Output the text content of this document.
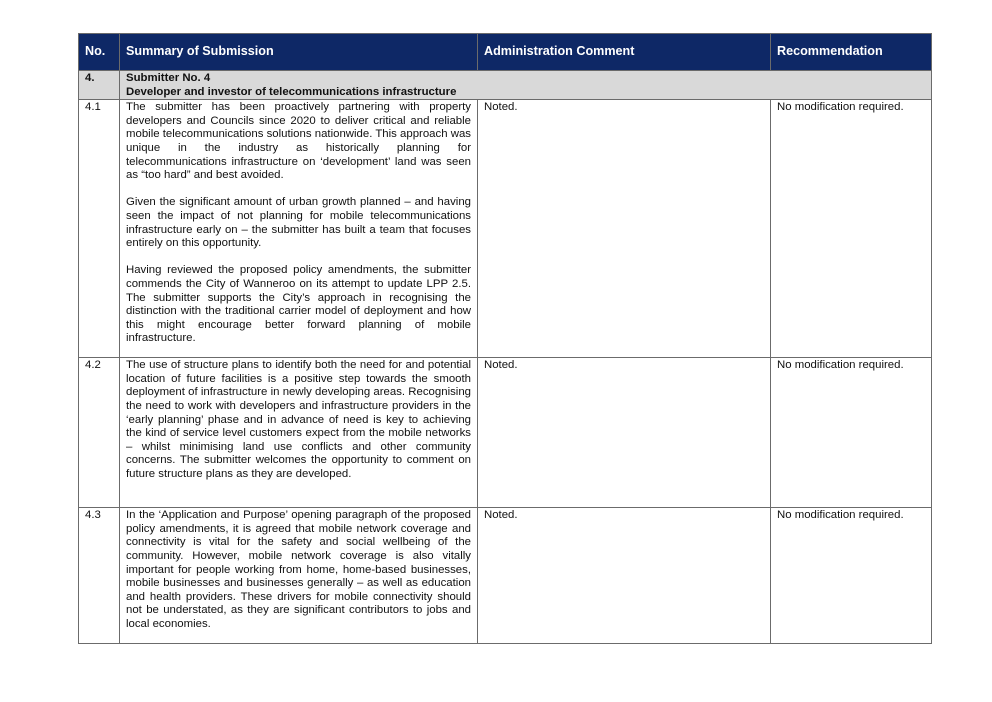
No.	Summary of Submission	Administration Comment	Recommendation
4.	Submitter No. 4
Developer and investor of telecommunications infrastructure		

4.1	The submitter has been proactively partnering with property developers and Councils since 2020 to deliver critical and reliable mobile telecommunications solutions nationwide. This approach was unique in the industry as historically planning for telecommunications infrastructure on ‘development’ land was seen as “too hard” and best avoided.

Given the significant amount of urban growth planned – and having seen the impact of not planning for mobile telecommunications infrastructure early on – the submitter has built a team that focuses entirely on this opportunity.

Having reviewed the proposed policy amendments, the submitter commends the City of Wanneroo on its attempt to update LPP 2.5. The submitter supports the City’s approach in recognising the distinction with the traditional carrier model of deployment and how this might encourage better forward planning of mobile infrastructure.	Noted.	No modification required.
4.2	The use of structure plans to identify both the need for and potential location of future facilities is a positive step towards the smooth deployment of infrastructure in newly developing areas. Recognising the need to work with developers and infrastructure providers in the ‘early planning’ phase and in advance of need is key to achieving the kind of service level customers expect from the mobile networks – whilst minimising land use conflicts and other community concerns. The submitter welcomes the opportunity to comment on future structure plans as they are developed.	Noted.	No modification required.
4.3	In the ‘Application and Purpose’ opening paragraph of the proposed policy amendments, it is agreed that mobile network coverage and connectivity is vital for the safety and social wellbeing of the community. However, mobile network coverage is also vitally important for people working from home, home-based businesses, mobile businesses and businesses generally – as well as education and health providers. These drivers for mobile connectivity should not be understated, as they are significant contributors to jobs and local economies.	Noted.	No modification required.
